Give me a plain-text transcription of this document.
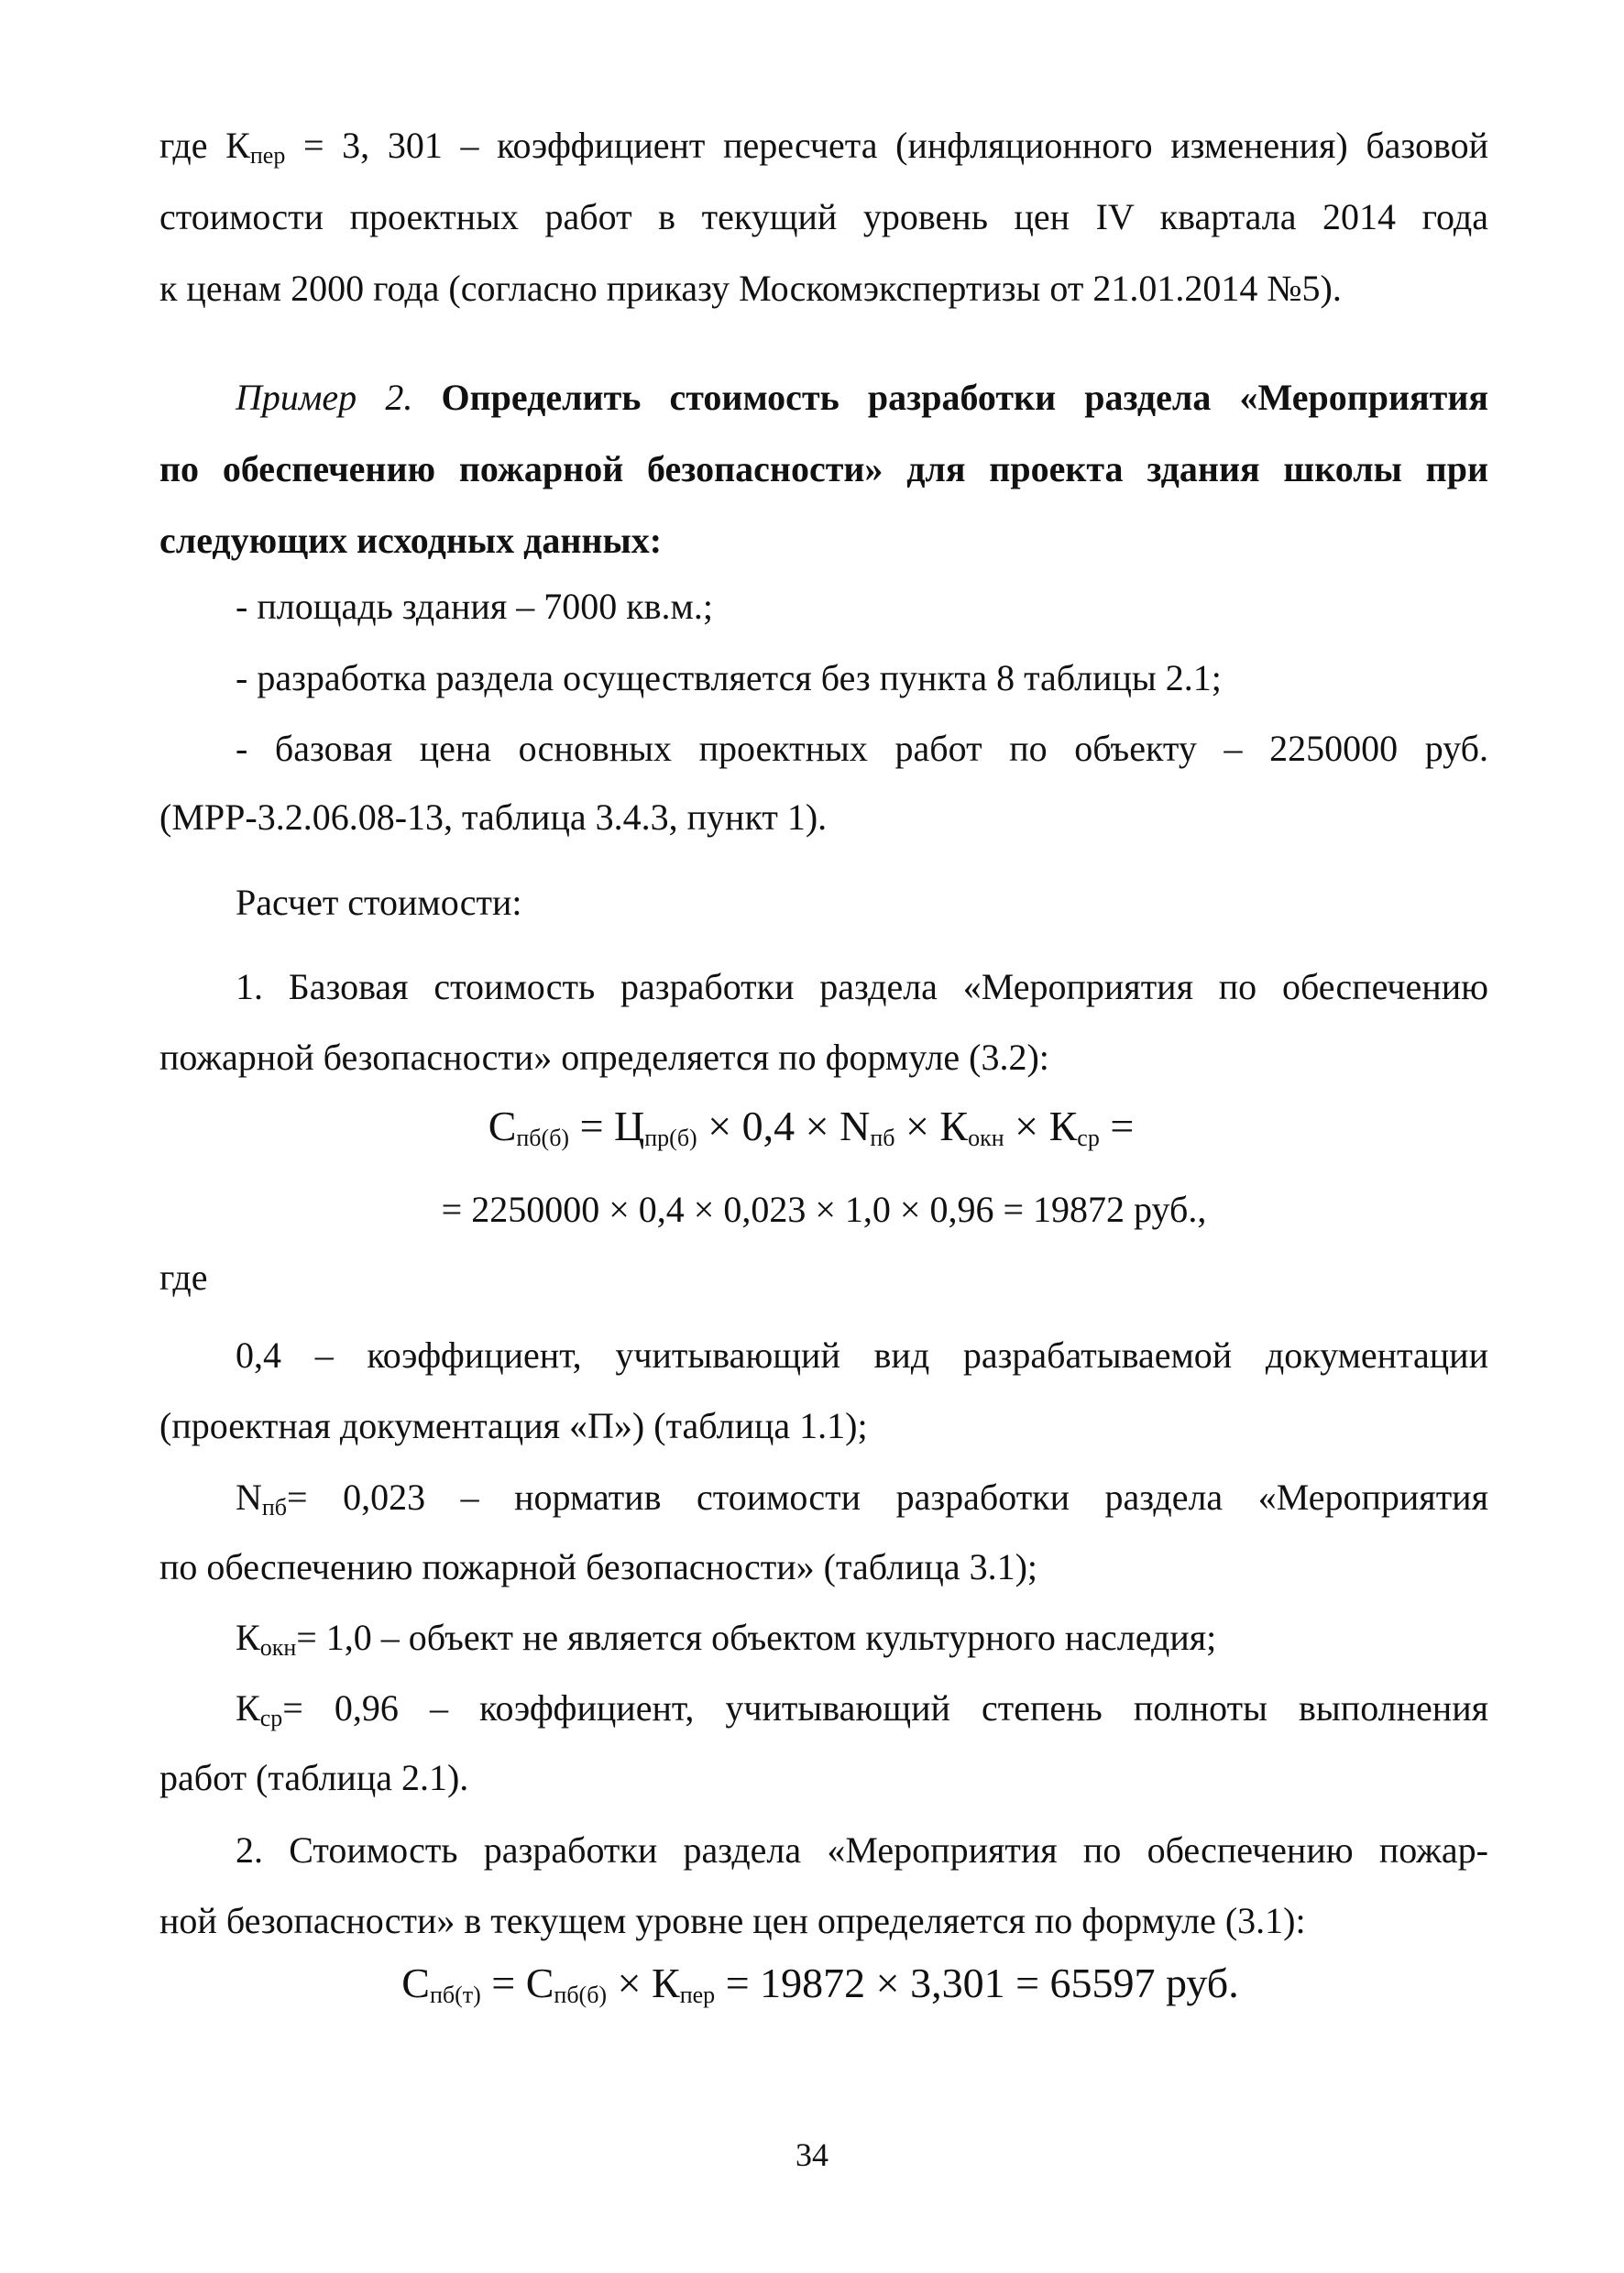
где $К_{пер} = 3$, 301 – коэффициент пересчета (инфляционного изменения) базовой
стоимости проектных работ в текущий уровень цен IV квартала 2014 года
к ценам 2000 года (согласно приказу Москомэкспертизы от 21.01.2014 №5).
Пример 2. Определить стоимость разработки раздела «Мероприятия
по обеспечению пожарной безопасности» для проекта здания школы при
следующих исходных данных:
- площадь здания – 7000 кв.м.;
- разработка раздела осуществляется без пункта 8 таблицы 2.1;
- базовая цена основных проектных работ по объекту – 2250000 руб.
(МРР-3.2.06.08-13, таблица 3.4.3, пункт 1).
Расчет стоимости:
1. Базовая стоимость разработки раздела «Мероприятия по обеспечению
пожарной безопасности» определяется по формуле (3.2):
$С_{пб(б)} = Ц_{пр(б)} \times 0,4 \times N_{пб} \times К_{окн} \times К_{ср}$ =
= 2250000 × 0,4 × 0,023 × 1,0 × 0,96 = 19872 руб.,
где
0,4 – коэффициент, учитывающий вид разрабатываемой документации
(проектная документация «П») (таблица 1.1);
$N_{пб}= 0,023$ – норматив стоимости разработки раздела «Мероприятия
по обеспечению пожарной безопасности» (таблица 3.1);
$К_{окн}= 1,0$ – объект не является объектом культурного наследия;
$К_{ср}= 0,96$ – коэффициент, учитывающий степень полноты выполнения
работ (таблица 2.1).
2. Стоимость разработки раздела «Мероприятия по обеспечению пожар-
ной безопасности» в текущем уровне цен определяется по формуле (3.1):
$С_{пб(т)} = С_{пб(б)} \times К_{пер} = 19872 \times 3,301 = 65597$ руб.
34
